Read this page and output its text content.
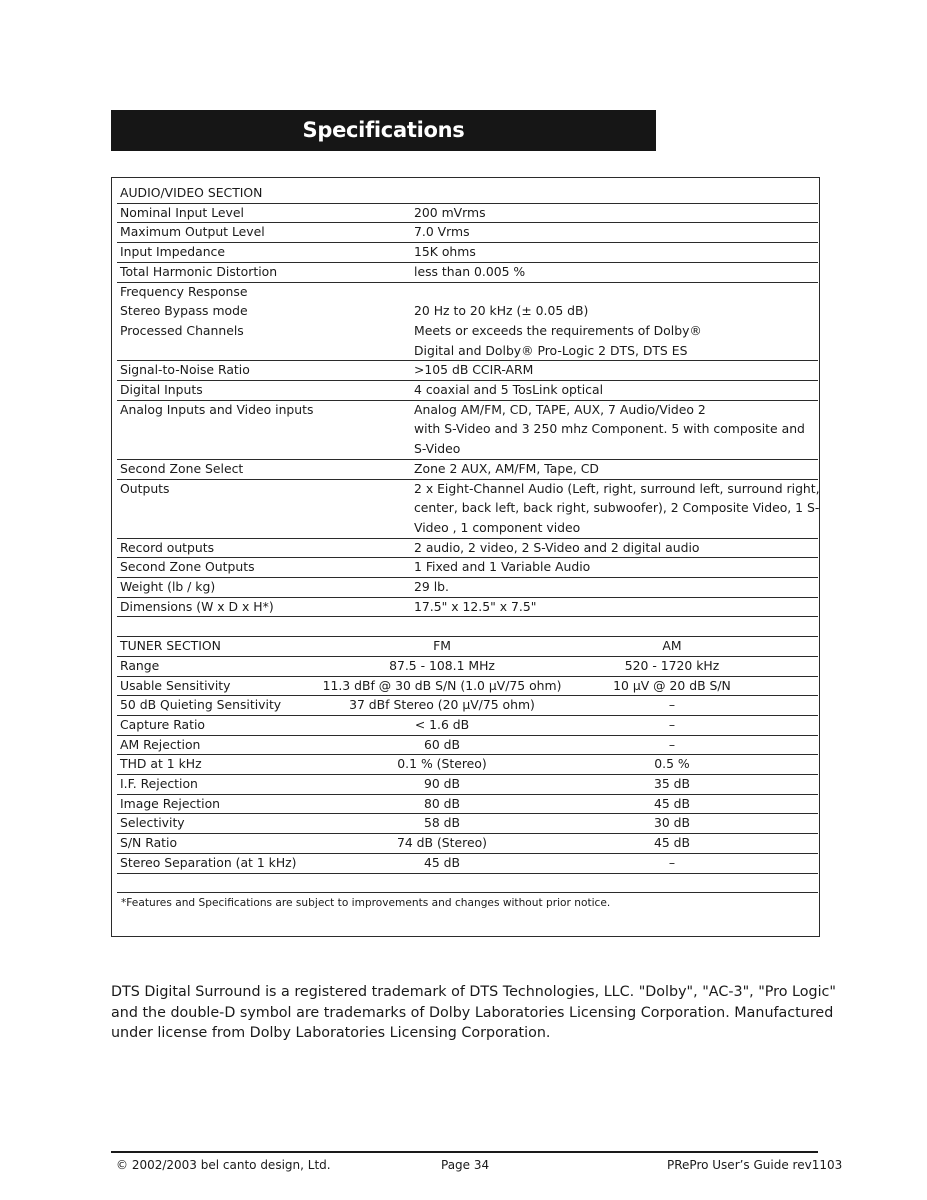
Specifications
*Features and Specifications are subject to improvements and changes without prior notice.
AUDIO/VIDEO SECTION
Nominal Input Level	200 mVrms
Maximum Output Level	7.0 Vrms
Input Impedance	15K ohms
Total Harmonic Distortion	less than 0.005 %
Frequency Response
Stereo Bypass mode	20 Hz to 20 kHz (± 0.05 dB)
Processed Channels	Meets or exceeds the requirements of Dolby®
Digital and Dolby® Pro-Logic 2 DTS, DTS ES
Signal-to-Noise Ratio	>105 dB CCIR-ARM
Digital Inputs	4 coaxial and 5 TosLink optical
Analog Inputs and Video inputs	Analog AM/FM, CD, TAPE, AUX, 7 Audio/Video 2
with S-Video and 3 250 mhz Component. 5 with composite and
S-Video
Second Zone Select	Zone 2 AUX, AM/FM, Tape, CD
Outputs	2 x Eight-Channel Audio (Left, right, surround left, surround right,
center, back left, back right, subwoofer), 2 Composite Video, 1 S-
Video , 1 component video
Record outputs	2 audio, 2 video, 2 S-Video and 2 digital audio
Second Zone Outputs	1 Fixed and 1 Variable Audio
Weight (lb / kg)	29 lb.
Dimensions (W x D x H*)	17.5" x 12.5" x 7.5"
TUNER SECTION	FM	AM
Range	87.5 - 108.1 MHz	520 - 1720 kHz
Usable Sensitivity	11.3 dBf @ 30 dB S/N (1.0 µV/75 ohm)	10 µV @ 20 dB S/N
50 dB Quieting Sensitivity	37 dBf Stereo (20 µV/75 ohm)	–
Capture Ratio	< 1.6 dB	–
AM Rejection	60 dB	–
THD at 1 kHz	0.1 % (Stereo)	0.5 %
I.F. Rejection	90 dB	35 dB
Image Rejection	80 dB	45 dB
Selectivity	58 dB	30 dB
S/N Ratio	74 dB (Stereo)	45 dB
Stereo Separation (at 1 kHz)	45 dB	–
DTS Digital Surround is a registered trademark of DTS Technologies, LLC. "Dolby", "AC-3", "Pro Logic"
and the double-D symbol are trademarks of Dolby Laboratories Licensing Corporation. Manufactured
under license from Dolby Laboratories Licensing Corporation.
© 2002/2003 bel canto design, Ltd.	Page 34	PRePro User’s Guide rev1103
